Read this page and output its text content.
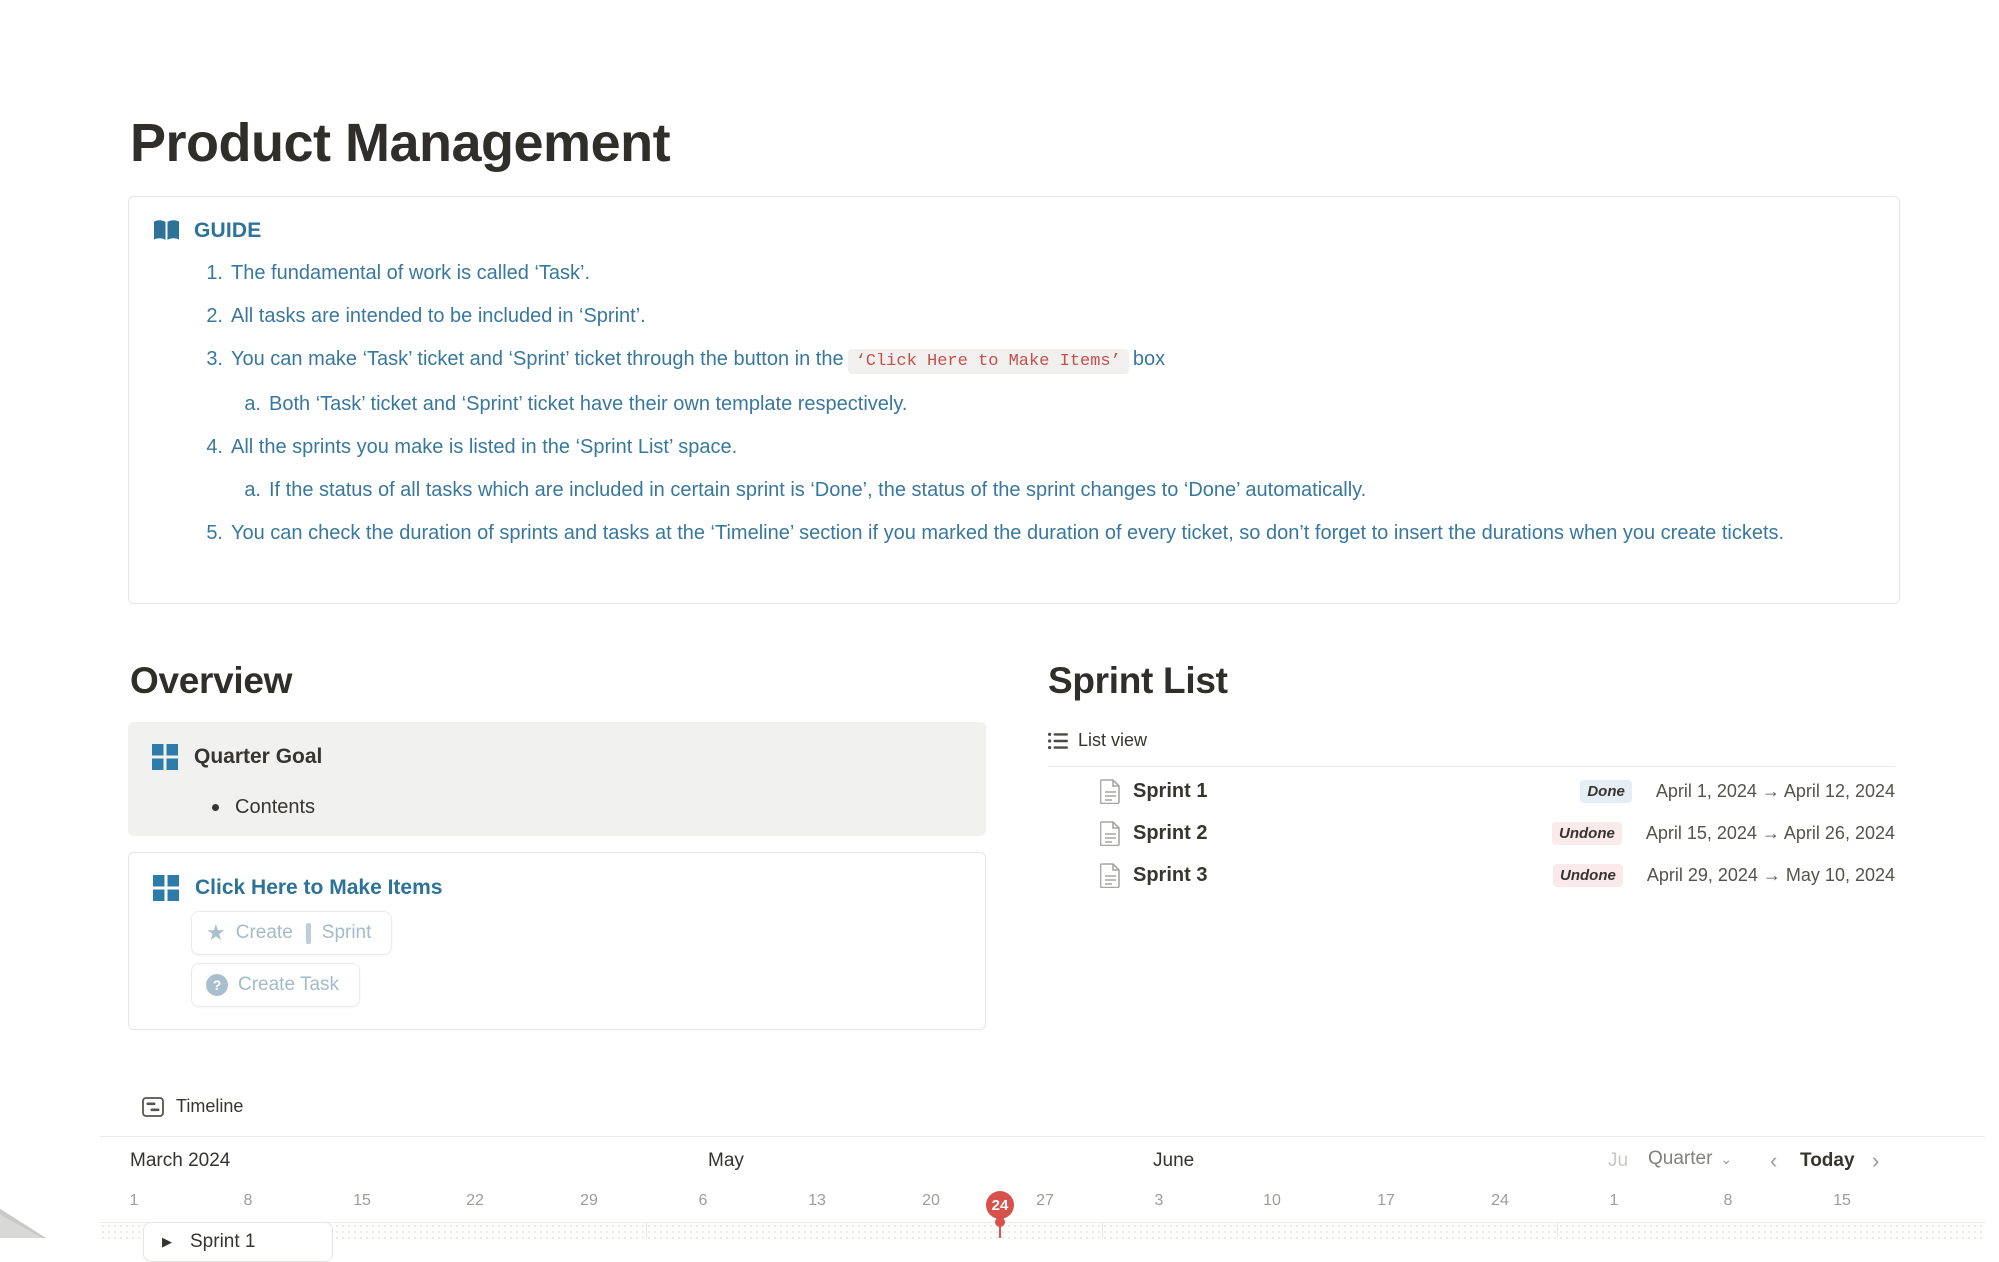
Product Management
GUIDE
1. The fundamental of work is called ‘Task’.
2. All tasks are intended to be included in ‘Sprint’.
3. You can make ‘Task’ ticket and ‘Sprint’ ticket through the button in the ‘Click Here to Make Items’ box
a. Both ‘Task’ ticket and ‘Sprint’ ticket have their own template respectively.
4. All the sprints you make is listed in the ‘Sprint List’ space.
a. If the status of all tasks which are included in certain sprint is ‘Done’, the status of the sprint changes to ‘Done’ automatically.
5. You can check the duration of sprints and tasks at the ‘Timeline’ section if you marked the duration of every ticket, so don’t forget to insert the durations when you create tickets.
Overview
Quarter Goal
Contents
Click Here to Make Items
★ Create Sprint
? Create Task
Sprint List
List view
Sprint 1	Done	April 1, 2024 → April 12, 2024
Sprint 2	Undone	April 15, 2024 → April 26, 2024
Sprint 3	Undone	April 29, 2024 → May 10, 2024
Timeline
March 2024	May	June	Ju Quarter ⌄ ‹ Today ›
1	8	15	22	29	6	13	20	27	3	10	17	24	1	8	15
24
▶ Sprint 1
